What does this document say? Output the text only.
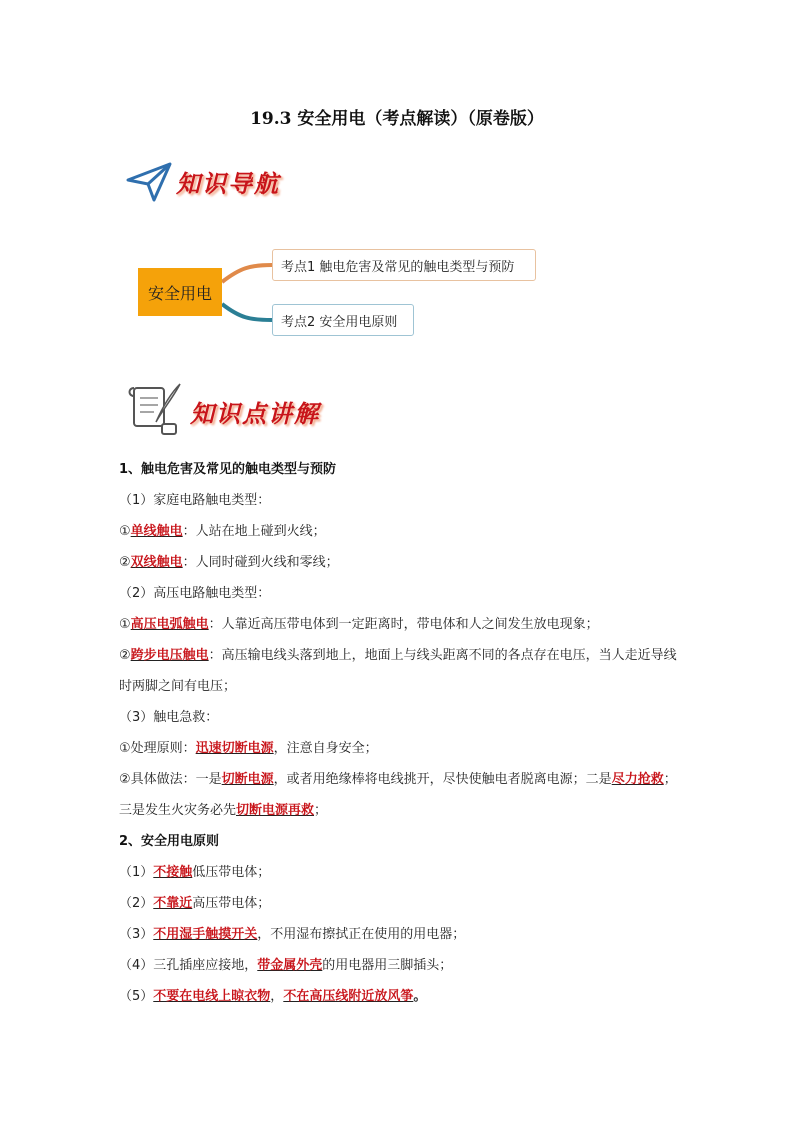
19.3 安全用电（考点解读）（原卷版）
知识导航
安全用电
考点1 触电危害及常见的触电类型与预防
考点2 安全用电原则
知识点讲解
1、触电危害及常见的触电类型与预防
（1）家庭电路触电类型：
①单线触电：人站在地上碰到火线；
②双线触电：人同时碰到火线和零线；
（2）高压电路触电类型：
①高压电弧触电：人靠近高压带电体到一定距离时，带电体和人之间发生放电现象；
②跨步电压触电：高压输电线头落到地上，地面上与线头距离不同的各点存在电压，当人走近导线时两脚之间有电压；
（3）触电急救：
①处理原则：迅速切断电源，注意自身安全；
②具体做法：一是切断电源，或者用绝缘棒将电线挑开，尽快使触电者脱离电源；二是尽力抢救；三是发生火灾务必先切断电源再救；
2、安全用电原则
（1）不接触低压带电体；
（2）不靠近高压带电体；
（3）不用湿手触摸开关，不用湿布擦拭正在使用的用电器；
（4）三孔插座应接地，带金属外壳的用电器用三脚插头；
（5）不要在电线上晾衣物，不在高压线附近放风筝。
